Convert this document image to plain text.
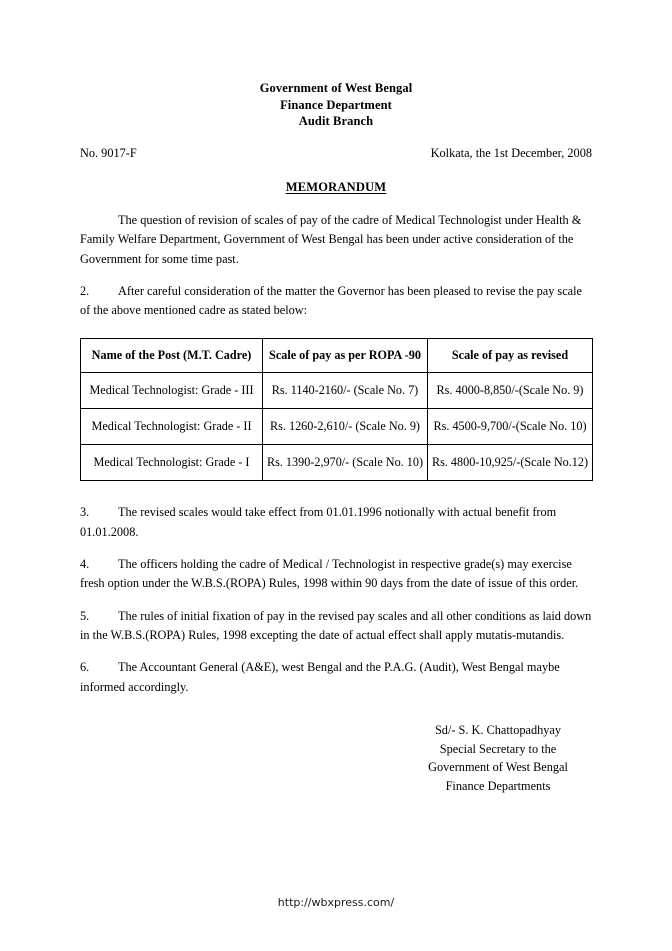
Government of West Bengal
Finance Department
Audit Branch
No. 9017-F	Kolkata, the 1st December, 2008
MEMORANDUM

The question of revision of scales of pay of the cadre of Medical Technologist under Health & Family Welfare Department, Government of West Bengal has been under active consideration of the Government for some time past.

2. After careful consideration of the matter the Governor has been pleased to revise the pay scale of the above mentioned cadre as stated below:

Name of the Post (M.T. Cadre)	Scale of pay as per ROPA -90	Scale of pay as revised
Medical Technologist: Grade - III	Rs. 1140-2160/- (Scale No. 7)	Rs. 4000-8,850/-(Scale No. 9)
Medical Technologist: Grade - II	Rs. 1260-2,610/- (Scale No. 9)	Rs. 4500-9,700/-(Scale No. 10)
Medical Technologist: Grade - I	Rs. 1390-2,970/- (Scale No. 10)	Rs. 4800-10,925/-(Scale No.12)

3. The revised scales would take effect from 01.01.1996 notionally with actual benefit from 01.01.2008.

4. The officers holding the cadre of Medical / Technologist in respective grade(s) may exercise fresh option under the W.B.S.(ROPA) Rules, 1998 within 90 days from the date of issue of this order.

5. The rules of initial fixation of pay in the revised pay scales and all other conditions as laid down in the W.B.S.(ROPA) Rules, 1998 excepting the date of actual effect shall apply mutatis-mutandis.

6. The Accountant General (A&E), west Bengal and the P.A.G. (Audit), West Bengal maybe informed accordingly.

Sd/- S. K. Chattopadhyay
Special Secretary to the
Government of West Bengal
Finance Departments
http://wbxpress.com/
